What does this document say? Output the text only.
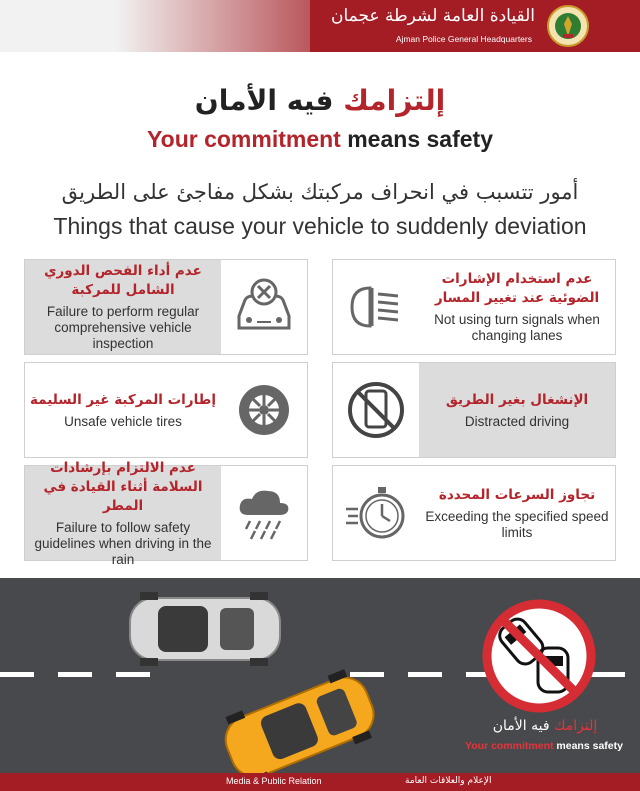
القيادة العامة لشرطة عجمان
Ajman Police General Headquarters
إلتزامك فيه الأمان
Your commitment means safety
أمور تتسبب في انحراف مركبتك بشكل مفاجئ على الطريق
Things that cause your vehicle to suddenly deviation
عدم أداء الفحص الدوري الشامل للمركبة
Failure to perform regular comprehensive vehicle inspection
عدم استخدام الإشارات الضوئية عند تغيير المسار
Not using turn signals when changing lanes
إطارات المركبة غير السليمة
Unsafe vehicle tires
الإنشغال بغير الطريق
Distracted driving
عدم الالتزام بإرشادات السلامة أثناء القيادة في المطر
Failure to follow safety guidelines when driving in the rain
تجاوز السرعات المحددة
Exceeding the specified speed limits
إلتزامك فيه الأمان
Your commitment means safety
Media & Public Relation	الإعلام والعلاقات العامة
